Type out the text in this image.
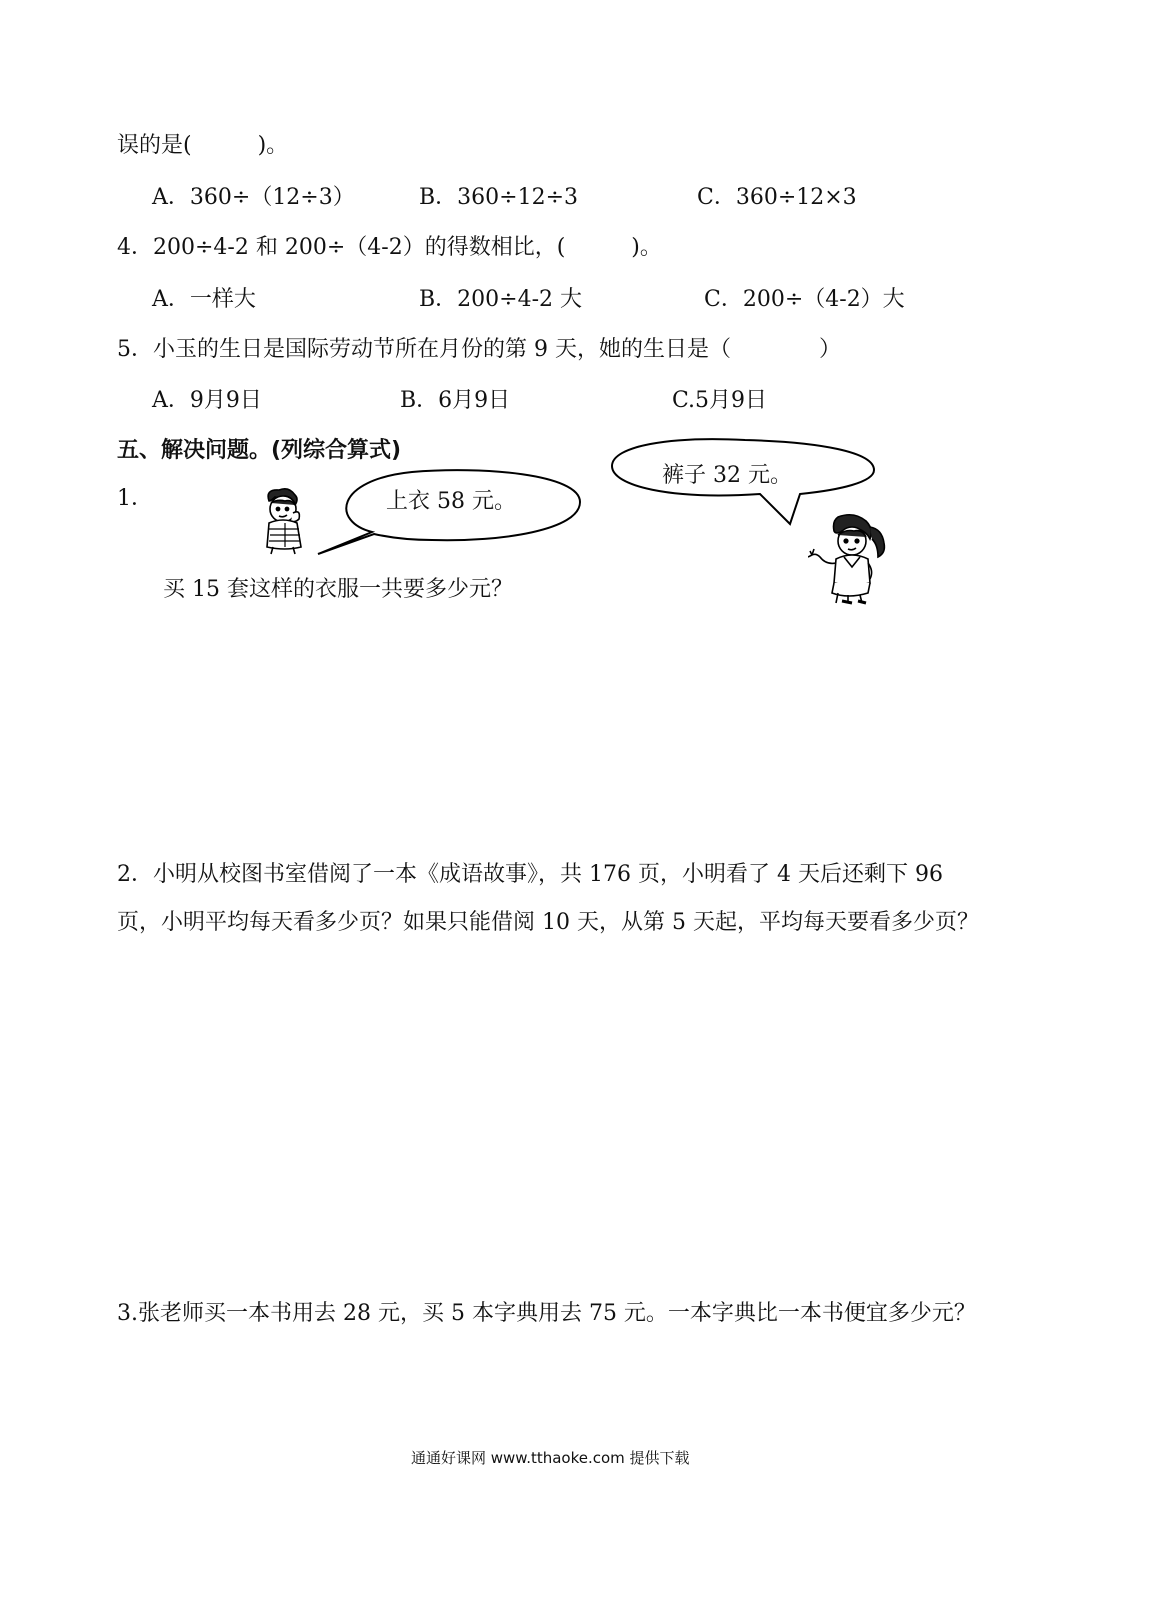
误的是(　　　)。
A．360÷（12÷3）	B．360÷12÷3	C．360÷12×3
4．200÷4-2 和 200÷（4-2）的得数相比，(　　　)。
A．一样大	B．200÷4-2 大	C．200÷（4-2）大
5．小玉的生日是国际劳动节所在月份的第 9 天，她的生日是（　　　　）
A．9月9日	B．6月9日	C.5月9日
五、解决问题。(列综合算式)
1．	上衣 58 元。
裤子 32 元。
买 15 套这样的衣服一共要多少元？
2．小明从校图书室借阅了一本《成语故事》，共 176 页，小明看了 4 天后还剩下 96
页，小明平均每天看多少页？如果只能借阅 10 天，从第 5 天起，平均每天要看多少页？
3.张老师买一本书用去 28 元，买 5 本字典用去 75 元。一本字典比一本书便宜多少元？
通通好课网 www.tthaoke.com 提供下载
